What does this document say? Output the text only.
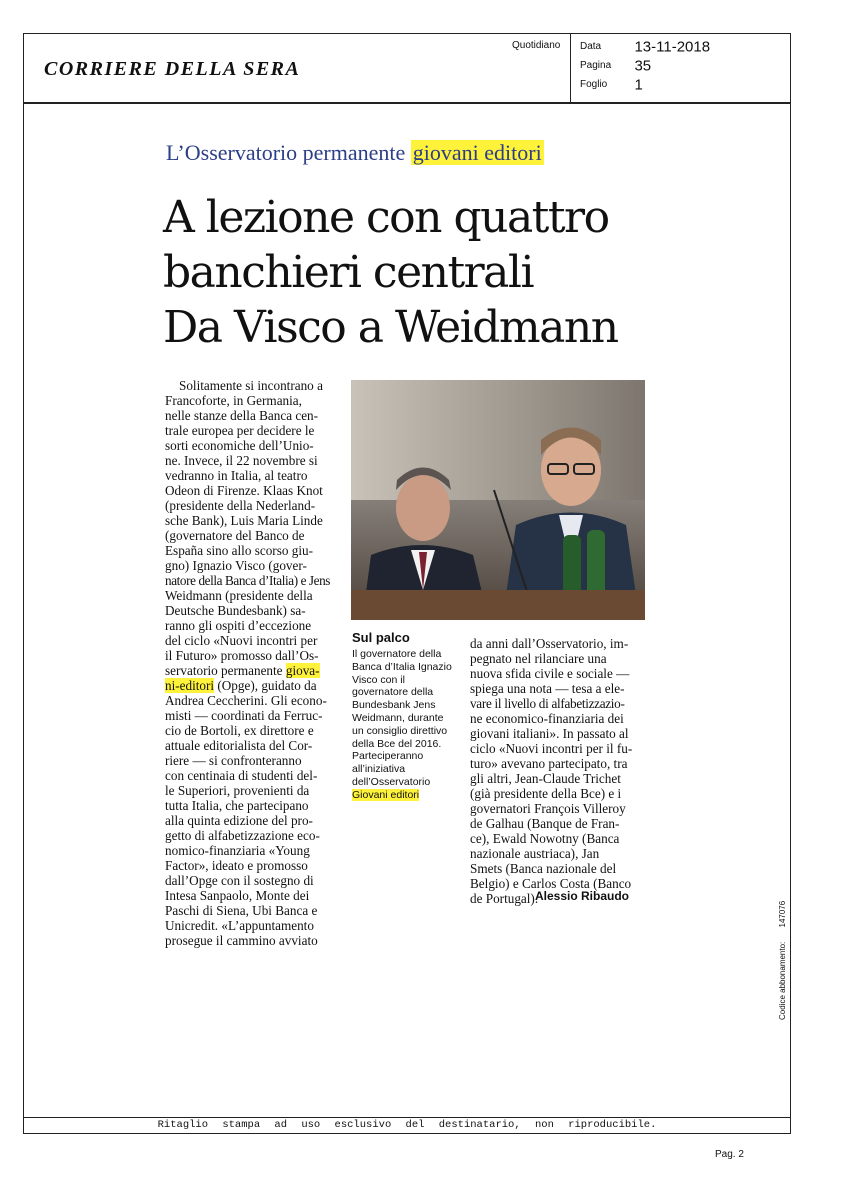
CORRIERE DELLA SERA
Quotidiano Data 13-11-2018
Pagina 35
Foglio 1
L’Osservatorio permanente giovani editori
A lezione con quattro
banchieri centrali
Da Visco a Weidmann

Solitamente si incontrano a

Francoforte, in Germania,

nelle stanze della Banca cen-

trale europea per decidere le

sorti economiche dell’Unio-

ne. Invece, il 22 novembre si

vedranno in Italia, al teatro

Odeon di Firenze. Klaas Knot

(presidente della Nederland-

sche Bank), Luis Maria Linde

(governatore del Banco de

España sino allo scorso giu-

gno) Ignazio Visco (gover-

natore della Banca d’Italia) e Jens

Weidmann (presidente della

Deutsche Bundesbank) sa-

ranno gli ospiti d’eccezione

del ciclo «Nuovi incontri per

il Futuro» promosso dall’Os-

servatorio permanente giova-

ni-editori (Opge), guidato da

Andrea Ceccherini. Gli econo-

misti — coordinati da Ferruc-

cio de Bortoli, ex direttore e

attuale editorialista del Cor-

riere — si confronteranno

con centinaia di studenti del-

le Superiori, provenienti da

tutta Italia, che partecipano

alla quinta edizione del pro-

getto di alfabetizzazione eco-

nomico-finanziaria «Young

Factor», ideato e promosso

dall’Opge con il sostegno di

Intesa Sanpaolo, Monte dei

Paschi di Siena, Ubi Banca e

Unicredit. «L’appuntamento

prosegue il cammino avviato

Sul palco
Il governatore della
Banca d’Italia Ignazio
Visco con il
governatore della
Bundesbank Jens
Weidmann, durante
un consiglio direttivo
della Bce del 2016.
Parteciperanno
all’iniziativa
dell’Osservatorio
Giovani editori

da anni dall’Osservatorio, im-

pegnato nel rilanciare una

nuova sfida civile e sociale —

spiega una nota — tesa a ele-

vare il livello di alfabetizzazio-

ne economico-finanziaria dei

giovani italiani». In passato al

ciclo «Nuovi incontri per il fu-

turo» avevano partecipato, tra

gli altri, Jean-Claude Trichet

(già presidente della Bce) e i

governatori François Villeroy

de Galhau (Banque de Fran-

ce), Ewald Nowotny (Banca

nazionale austriaca), Jan

Smets (Banca nazionale del

Belgio) e Carlos Costa (Banco

de Portugal).

Alessio Ribaudo
Codice abbonamento: 147076
Ritaglio stampa ad uso esclusivo del destinatario, non riproducibile.
Pag. 2
